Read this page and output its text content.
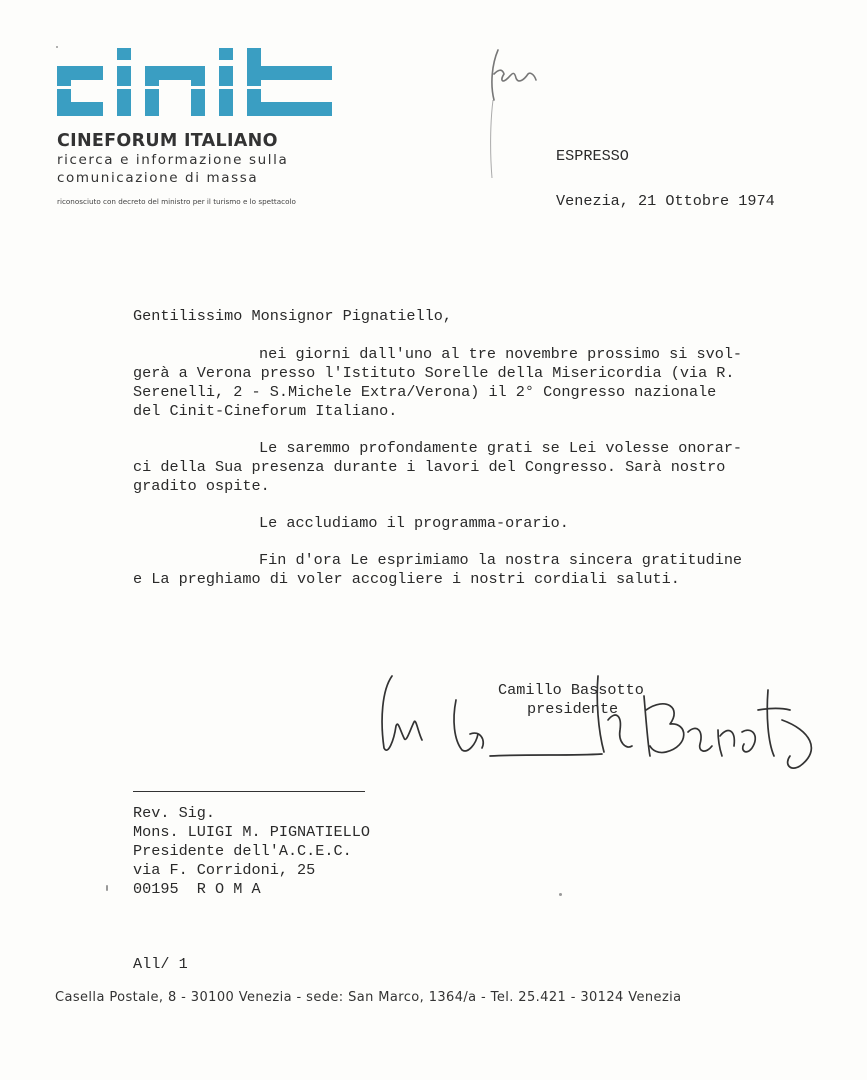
CINEFORUM ITALIANO
ricerca e informazione sulla
comunicazione di massa
riconosciuto con decreto del ministro per il turismo e lo spettacolo
ESPRESSO
Venezia, 21 Ottobre 1974
Gentilissimo Monsignor Pignatiello,
nei giorni dall'uno al tre novembre prossimo si svol-
gerà a Verona presso l'Istituto Sorelle della Misericordia (via R.
Serenelli, 2 - S.Michele Extra/Verona) il 2° Congresso nazionale
del Cinit-Cineforum Italiano.
Le saremmo profondamente grati se Lei volesse onorar-
ci della Sua presenza durante i lavori del Congresso. Sarà nostro
gradito ospite.
Le accludiamo il programma-orario.
Fin d'ora Le esprimiamo la nostra sincera gratitudine
e La preghiamo di voler accogliere i nostri cordiali saluti.
Camillo Bassotto
presidente
Rev. Sig.
Mons. LUIGI M. PIGNATIELLO
Presidente dell'A.C.E.C.
via F. Corridoni, 25
00195  R O M A
All/ 1
Casella Postale, 8 - 30100 Venezia - sede: San Marco, 1364/a - Tel. 25.421 - 30124 Venezia
